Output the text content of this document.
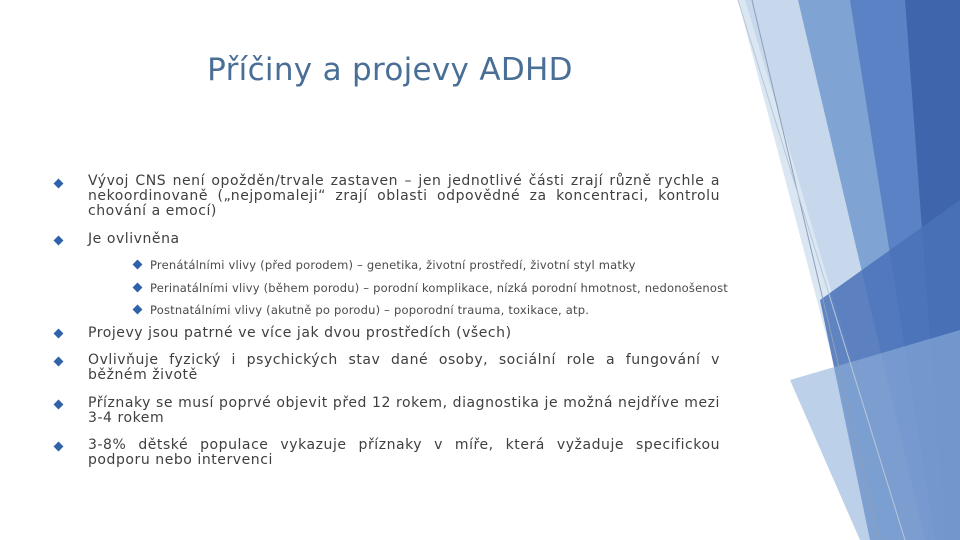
Příčiny a projevy ADHD
Vývoj CNS není opožděn/trvale zastaven – jen jednotlivé části zrají různě rychle a nekoordinovaně („nejpomaleji“ zrají oblasti odpovědné za koncentraci, kontrolu chování a emocí)
Je ovlivněna
Prenátálními vlivy (před porodem) – genetika, životní prostředí, životní styl matky
Perinatálními vlivy (během porodu) – porodní komplikace, nízká porodní hmotnost, nedonošenost
Postnatálními vlivy (akutně po porodu) – poporodní trauma, toxikace, atp.
Projevy jsou patrné ve více jak dvou prostředích (všech)
Ovlivňuje fyzický i psychických stav dané osoby, sociální role a fungování v běžném životě
Příznaky se musí poprvé objevit před 12 rokem, diagnostika je možná nejdříve mezi 3-4 rokem
3-8% dětské populace vykazuje příznaky v míře, která vyžaduje specifickou podporu nebo intervenci
